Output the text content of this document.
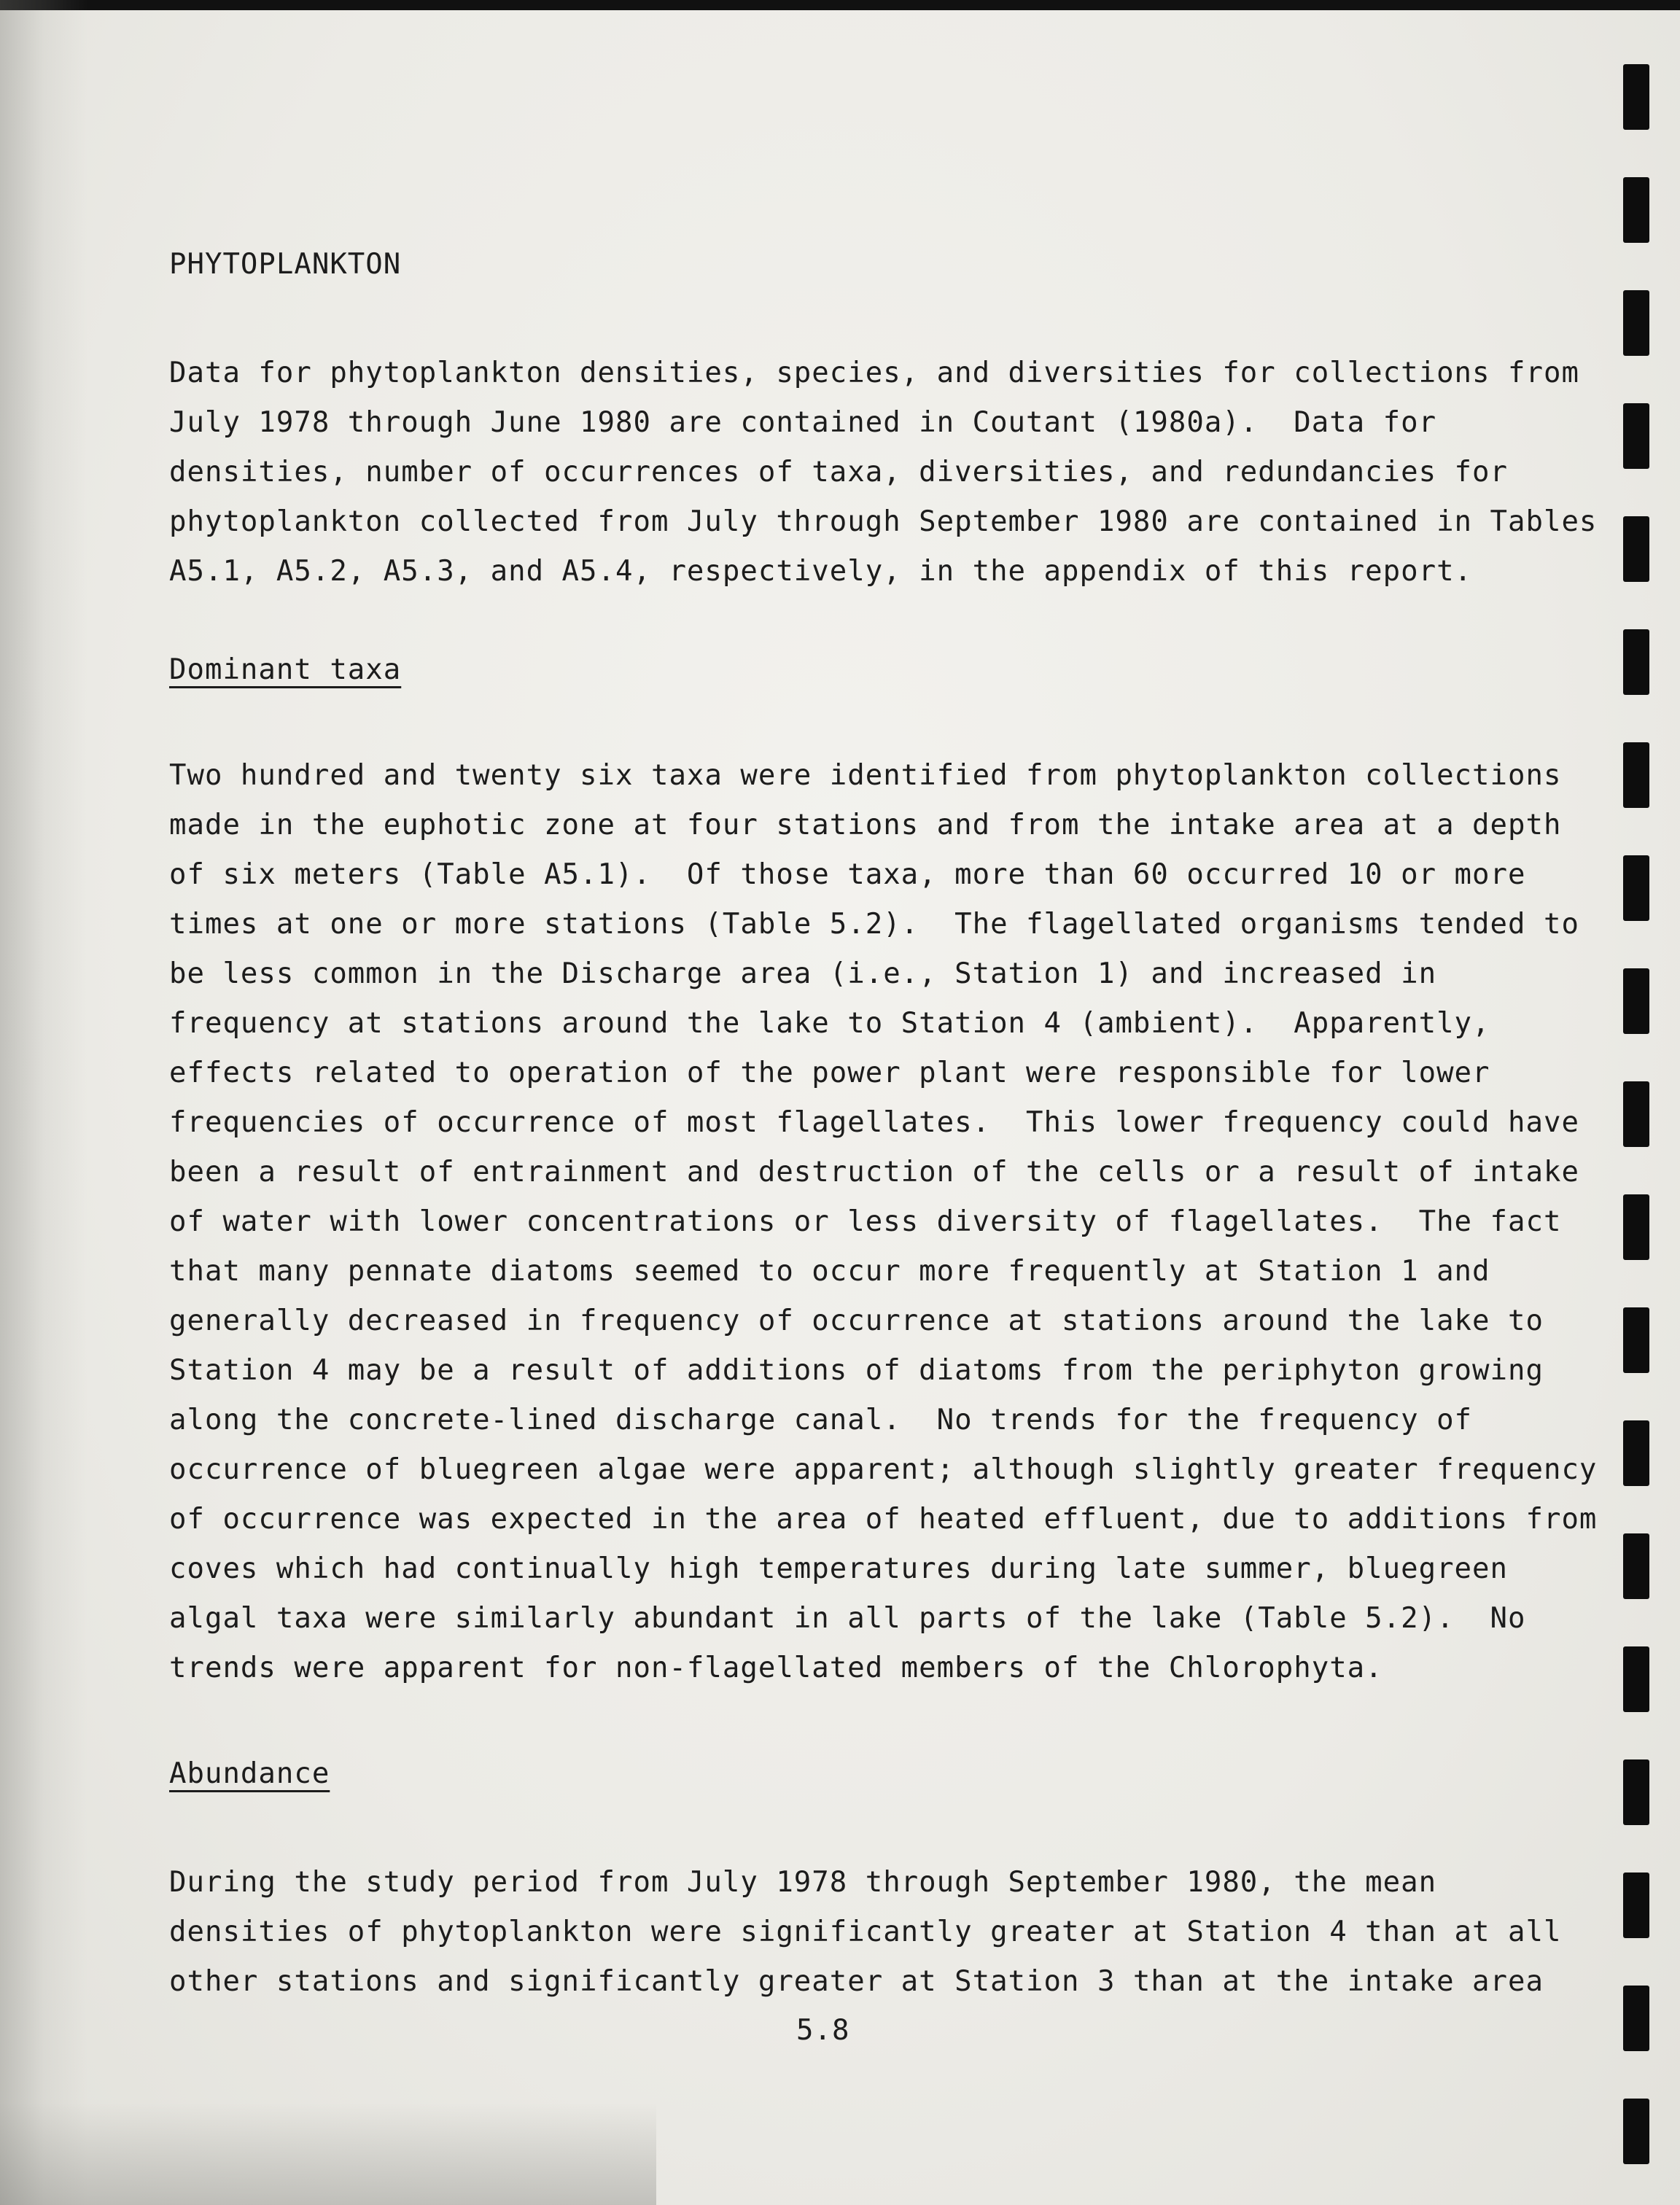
PHYTOPLANKTON
Data for phytoplankton densities, species, and diversities for collections from
July 1978 through June 1980 are contained in Coutant (1980a).  Data for
densities, number of occurrences of taxa, diversities, and redundancies for
phytoplankton collected from July through September 1980 are contained in Tables
A5.1, A5.2, A5.3, and A5.4, respectively, in the appendix of this report.
Dominant taxa
Two hundred and twenty six taxa were identified from phytoplankton collections
made in the euphotic zone at four stations and from the intake area at a depth
of six meters (Table A5.1).  Of those taxa, more than 60 occurred 10 or more
times at one or more stations (Table 5.2).  The flagellated organisms tended to
be less common in the Discharge area (i.e., Station 1) and increased in
frequency at stations around the lake to Station 4 (ambient).  Apparently,
effects related to operation of the power plant were responsible for lower
frequencies of occurrence of most flagellates.  This lower frequency could have
been a result of entrainment and destruction of the cells or a result of intake
of water with lower concentrations or less diversity of flagellates.  The fact
that many pennate diatoms seemed to occur more frequently at Station 1 and
generally decreased in frequency of occurrence at stations around the lake to
Station 4 may be a result of additions of diatoms from the periphyton growing
along the concrete-lined discharge canal.  No trends for the frequency of
occurrence of bluegreen algae were apparent; although slightly greater frequency
of occurrence was expected in the area of heated effluent, due to additions from
coves which had continually high temperatures during late summer, bluegreen
algal taxa were similarly abundant in all parts of the lake (Table 5.2).  No
trends were apparent for non-flagellated members of the Chlorophyta.
Abundance
During the study period from July 1978 through September 1980, the mean
densities of phytoplankton were significantly greater at Station 4 than at all
other stations and significantly greater at Station 3 than at the intake area
5.8
